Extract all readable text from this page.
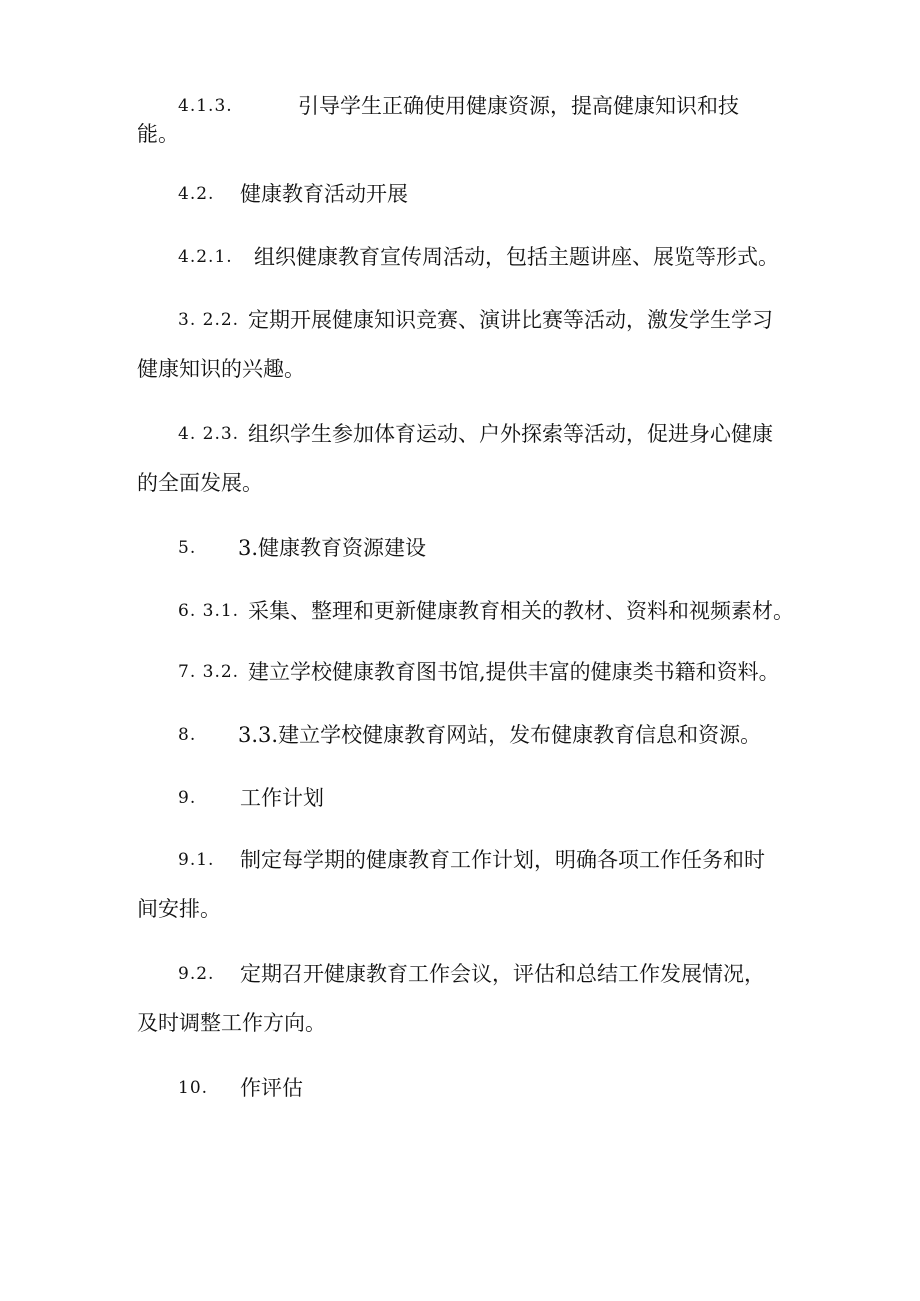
4.1.3.	引导学生正确使用健康资源，提高健康知识和技
能。
4.2. 健康教育活动开展
4.2.1. 组织健康教育宣传周活动，包括主题讲座、展览等形式。
3. 2.2. 定期开展健康知识竞赛、演讲比赛等活动，激发学生学习
健康知识的兴趣。
4. 2.3. 组织学生参加体育运动、户外探索等活动，促进身心健康
的全面发展。
5. 3.健康教育资源建设
6. 3.1. 采集、整理和更新健康教育相关的教材、资料和视频素材。
7. 3.2. 建立学校健康教育图书馆,提供丰富的健康类书籍和资料。
8. 3.3.建立学校健康教育网站，发布健康教育信息和资源。
9. 工作计划
9.1. 制定每学期的健康教育工作计划，明确各项工作任务和时
间安排。
9.2. 定期召开健康教育工作会议，评估和总结工作发展情况，
及时调整工作方向。
10. 作评估
